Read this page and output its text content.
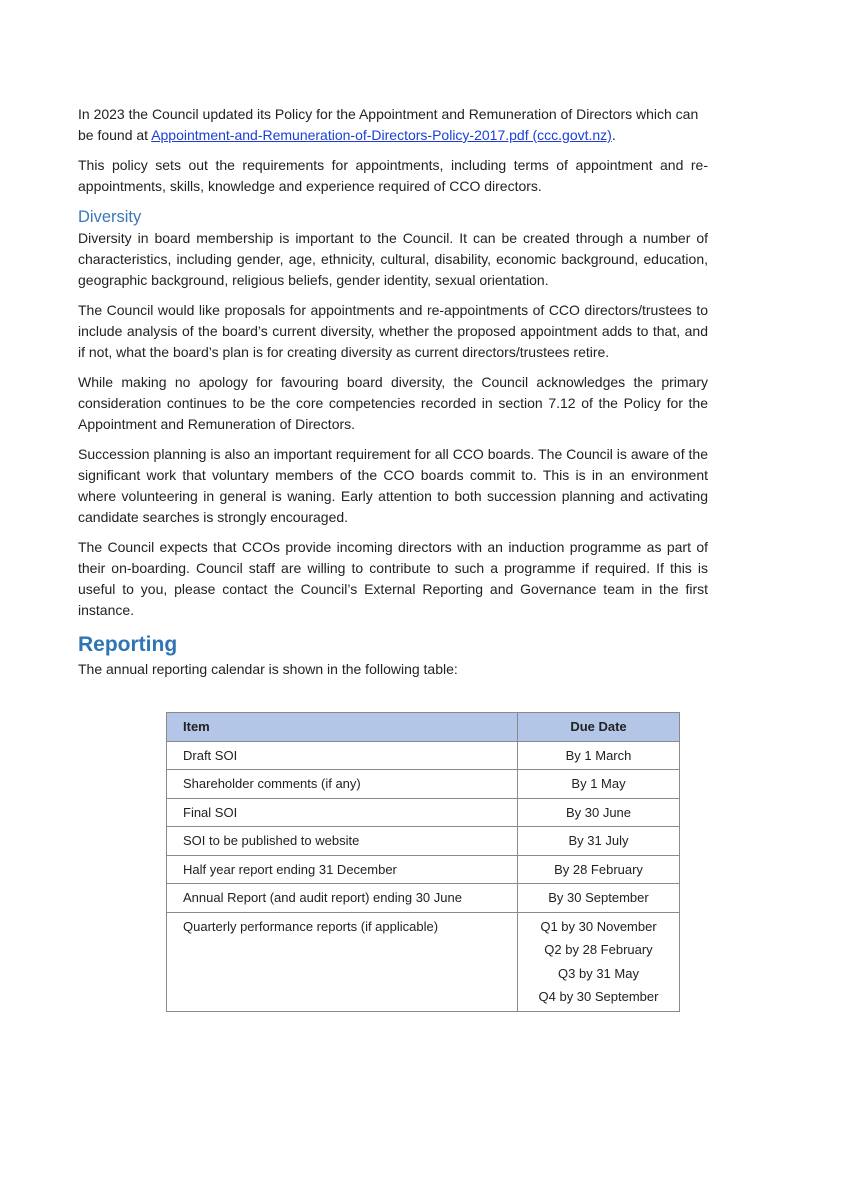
In 2023 the Council updated its Policy for the Appointment and Remuneration of Directors which can be found at Appointment-and-Remuneration-of-Directors-Policy-2017.pdf (ccc.govt.nz).

This policy sets out the requirements for appointments, including terms of appointment and re-appointments, skills, knowledge and experience required of CCO directors.

Diversity

Diversity in board membership is important to the Council. It can be created through a number of characteristics, including gender, age, ethnicity, cultural, disability, economic background, education, geographic background, religious beliefs, gender identity, sexual orientation.

The Council would like proposals for appointments and re-appointments of CCO directors/trustees to include analysis of the board’s current diversity, whether the proposed appointment adds to that, and if not, what the board’s plan is for creating diversity as current directors/trustees retire.

While making no apology for favouring board diversity, the Council acknowledges the primary consideration continues to be the core competencies recorded in section 7.12 of the Policy for the Appointment and Remuneration of Directors.

Succession planning is also an important requirement for all CCO boards. The Council is aware of the significant work that voluntary members of the CCO boards commit to. This is in an environment where volunteering in general is waning. Early attention to both succession planning and activating candidate searches is strongly encouraged.

The Council expects that CCOs provide incoming directors with an induction programme as part of their on-boarding. Council staff are willing to contribute to such a programme if required. If this is useful to you, please contact the Council’s External Reporting and Governance team in the first instance.

Reporting

The annual reporting calendar is shown in the following table:

Item	Due Date
Draft SOI	By 1 March
Shareholder comments (if any)	By 1 May
Final SOI	By 30 June
SOI to be published to website	By 31 July
Half year report ending 31 December	By 28 February
Annual Report (and audit report) ending 30 June	By 30 September
Quarterly performance reports (if applicable)	Q1 by 30 November
Q2 by 28 February
Q3 by 31 May
Q4 by 30 September
